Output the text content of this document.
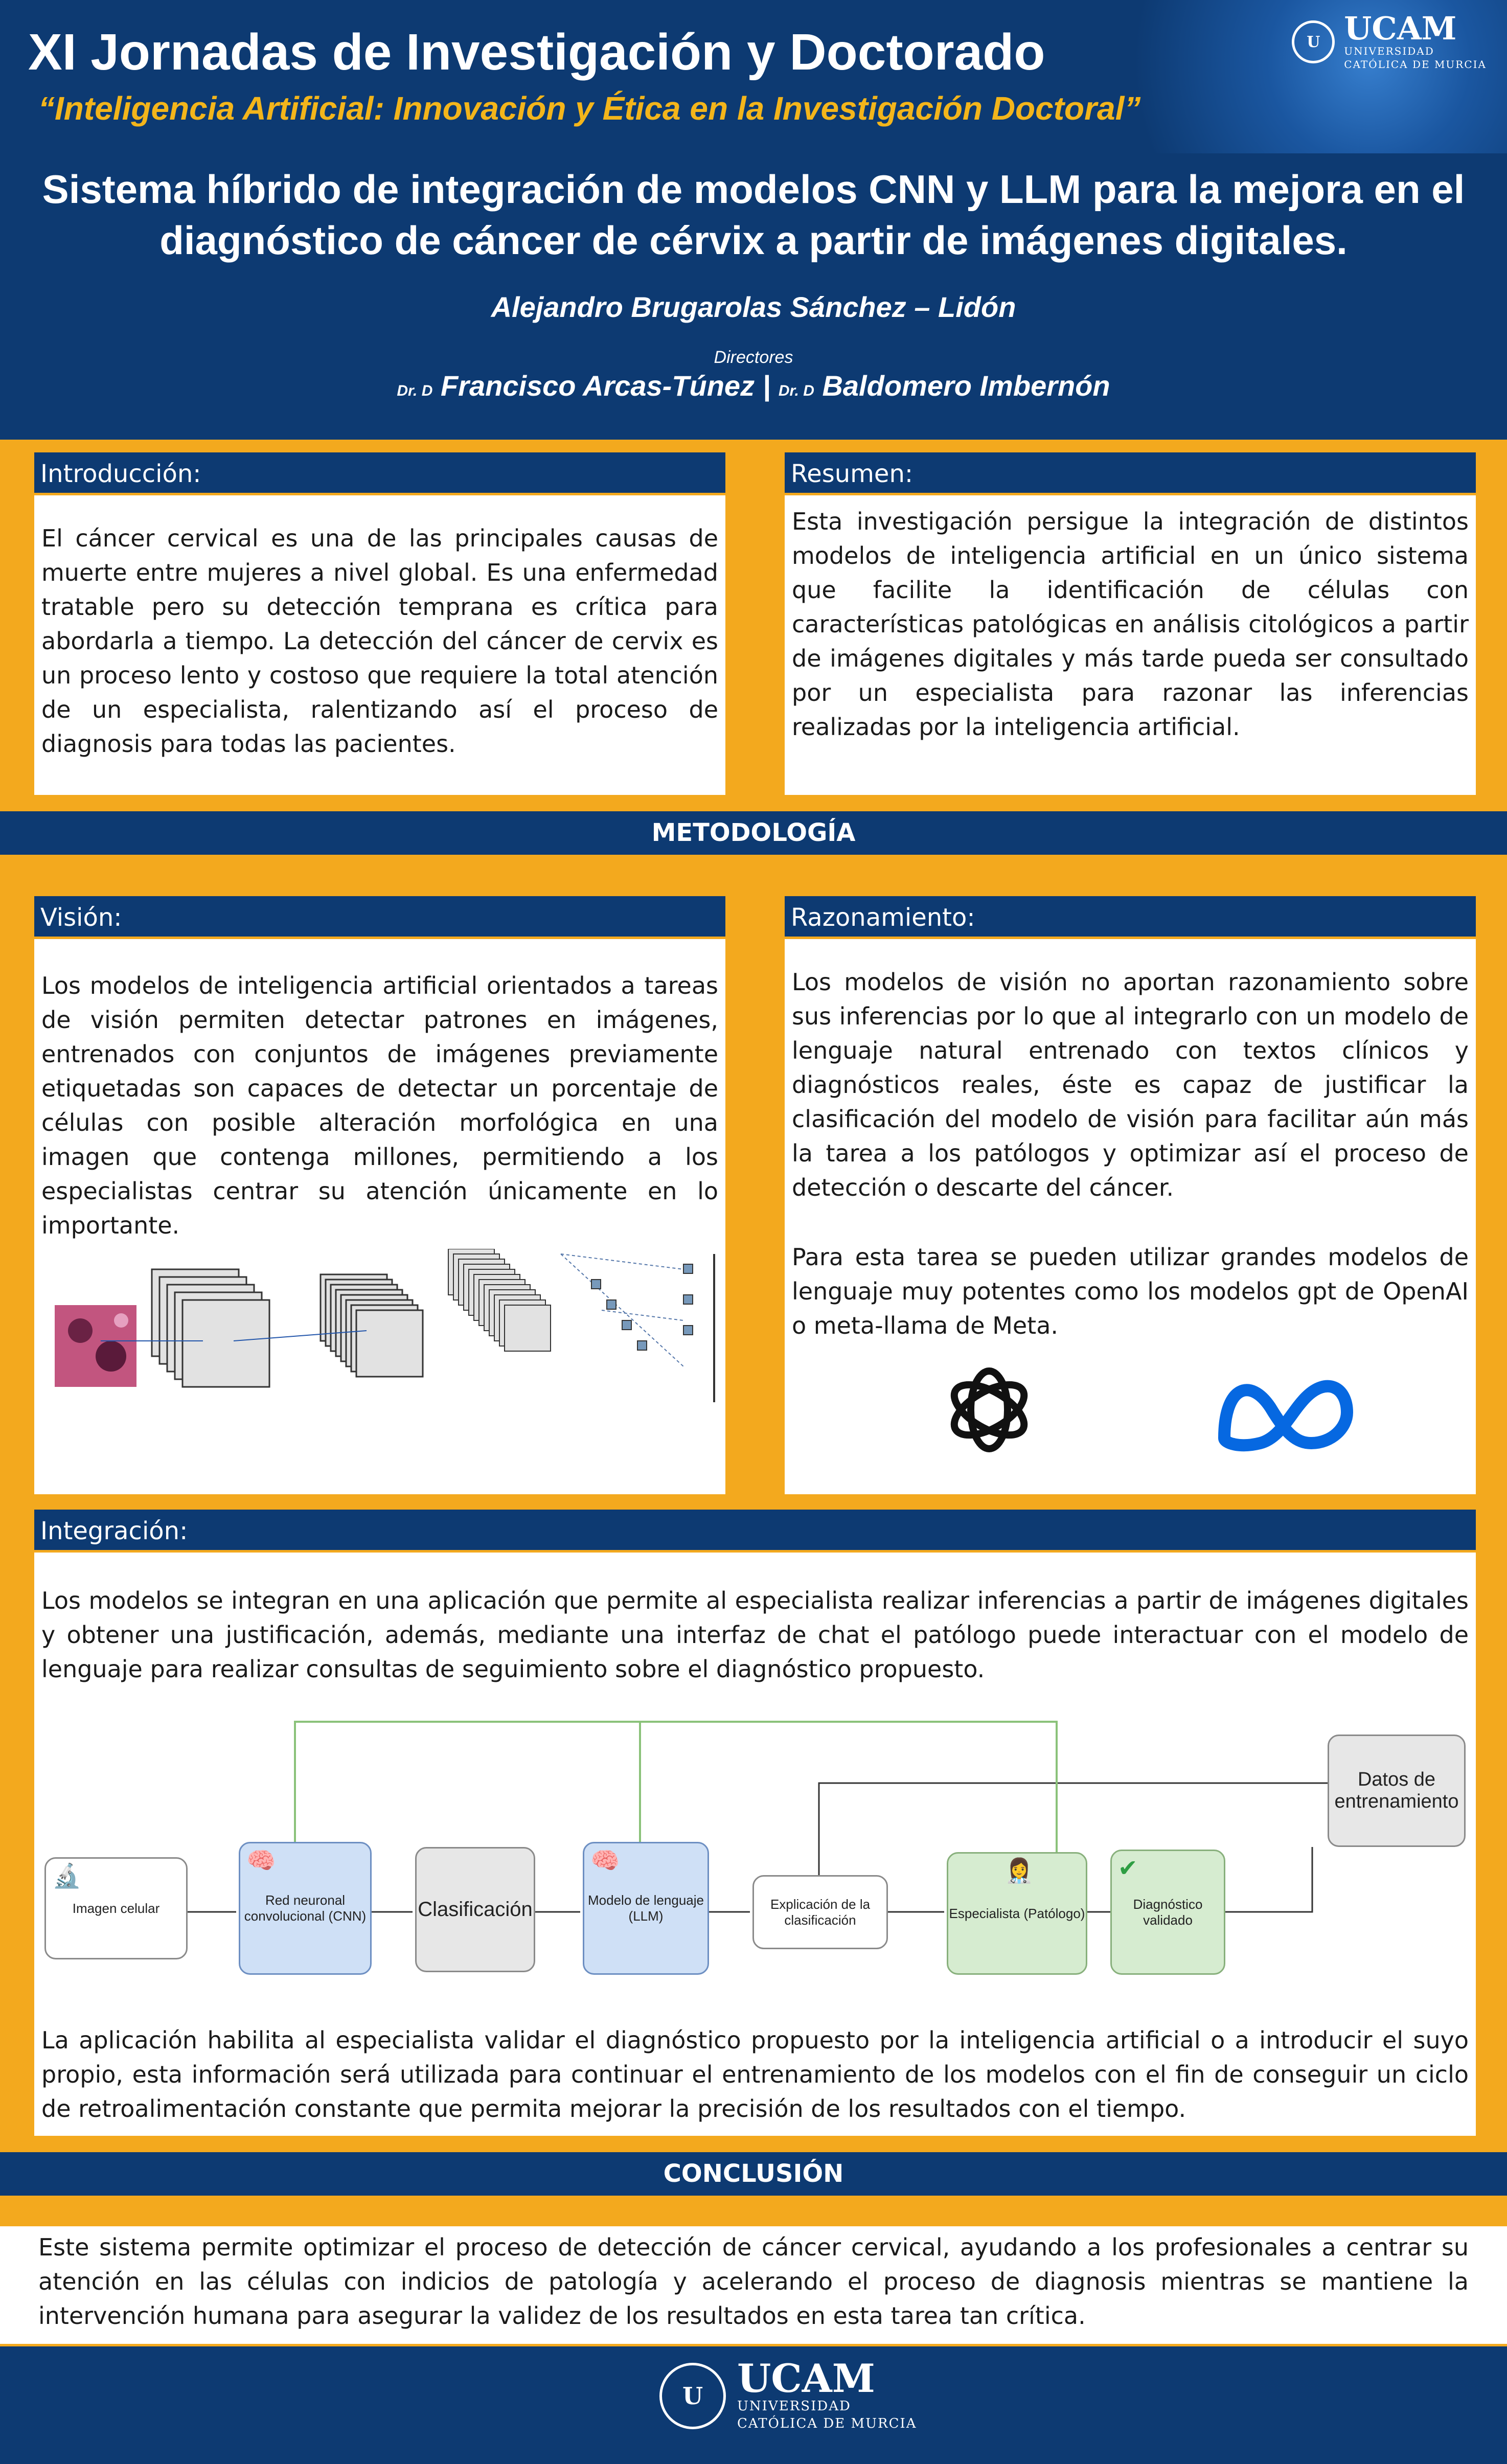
XI Jornadas de Investigación y Doctorado
“Inteligencia Artificial: Innovación y Ética en la Investigación Doctoral”
U UCAM
UNIVERSIDAD
CATÓLICA DE MURCIA
Sistema híbrido de integración de modelos CNN y LLM para la mejora en el
diagnóstico de cáncer de cérvix a partir de imágenes digitales.
Alejandro Brugarolas Sánchez – Lidón
Directores
Dr. D Francisco Arcas-Túnez | Dr. D Baldomero Imbernón
Introducción:
El cáncer cervical es una de las principales causas de muerte entre mujeres a nivel global. Es una enfermedad tratable pero su detección temprana es crítica para abordarla a tiempo. La detección del cáncer de cervix es un proceso lento y costoso que requiere la total atención de un especialista, ralentizando así el proceso de diagnosis para todas las pacientes.
Resumen:
Esta investigación persigue la integración de distintos modelos de inteligencia artificial en un único sistema que facilite la identificación de células con características patológicas en análisis citológicos a partir de imágenes digitales y más tarde pueda ser consultado por un especialista para razonar las inferencias realizadas por la inteligencia artificial.
METODOLOGÍA
Visión:
Los modelos de inteligencia artificial orientados a tareas de visión permiten detectar patrones en imágenes, entrenados con conjuntos de imágenes previamente etiquetadas son capaces de detectar un porcentaje de células con posible alteración morfológica en una imagen que contenga millones, permitiendo a los especialistas centrar su atención únicamente en lo importante.
Razonamiento:
Los modelos de visión no aportan razonamiento sobre sus inferencias por lo que al integrarlo con un modelo de lenguaje natural entrenado con textos clínicos y diagnósticos reales, éste es capaz de justificar la clasificación del modelo de visión para facilitar aún más la tarea a los patólogos y optimizar así el proceso de detección o descarte del cáncer.
Para esta tarea se pueden utilizar grandes modelos de lenguaje muy potentes como los modelos gpt de OpenAI o meta-llama de Meta.
Integración:
Los modelos se integran en una aplicación que permite al especialista realizar inferencias a partir de imágenes digitales y obtener una justificación, además, mediante una interfaz de chat el patólogo puede interactuar con el modelo de lenguaje para realizar consultas de seguimiento sobre el diagnóstico propuesto.
🔬
Imagen celular
🧠
Red neuronal convolucional (CNN)	Clasificación
🧠
Modelo de lenguaje (LLM)
Explicación de la clasificación
👩‍⚕️
Especialista (Patólogo)
✔
Diagnóstico validado
Datos de entrenamiento
La aplicación habilita al especialista validar el diagnóstico propuesto por la inteligencia artificial o a introducir el suyo propio, esta información será utilizada para continuar el entrenamiento de los modelos con el fin de conseguir un ciclo de retroalimentación constante que permita mejorar la precisión de los resultados con el tiempo.
CONCLUSIÓN
Este sistema permite optimizar el proceso de detección de cáncer cervical, ayudando a los profesionales a centrar su atención en las células con indicios de patología y acelerando el proceso de diagnosis mientras se mantiene la intervención humana para asegurar la validez de los resultados en esta tarea tan crítica.
U UCAM
UNIVERSIDAD
CATÓLICA DE MURCIA
